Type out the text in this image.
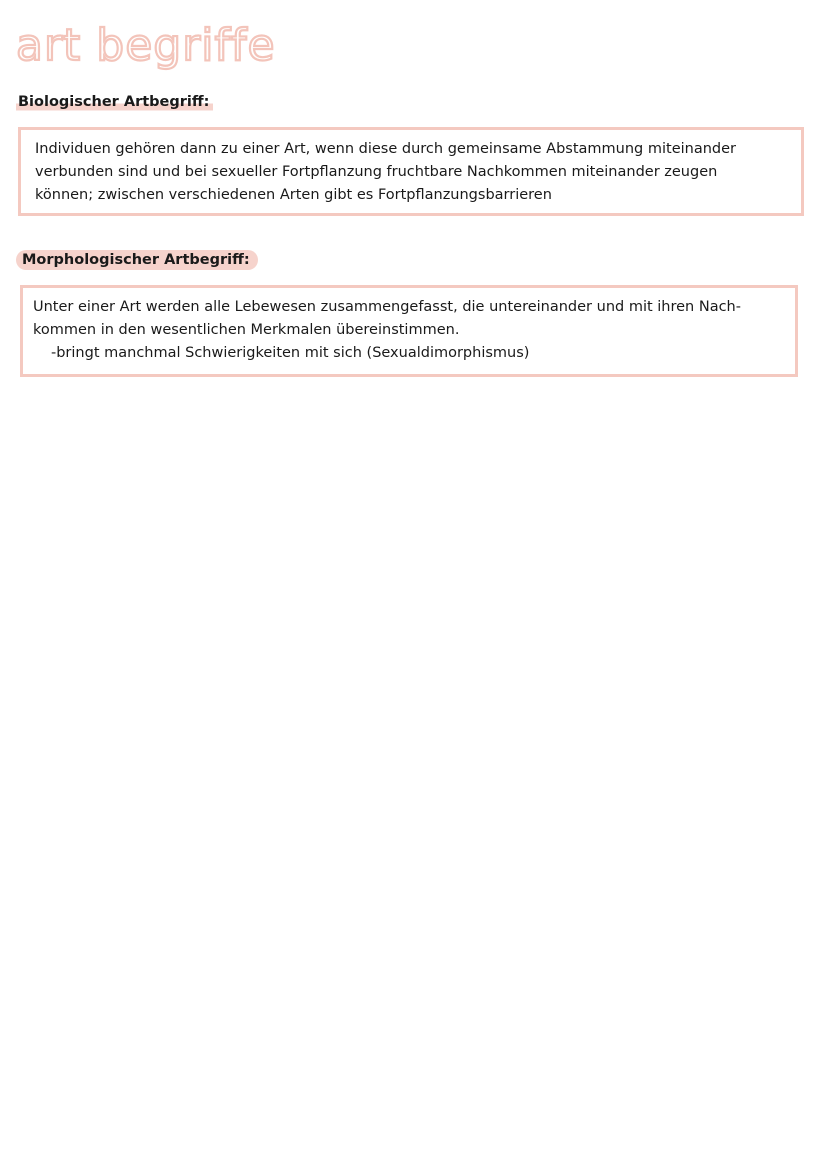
art begriffe
Biologischer Artbegriff:
Individuen gehören dann zu einer Art, wenn diese durch gemeinsame Abstammung miteinander
verbunden sind und bei sexueller Fortpflanzung fruchtbare Nachkommen miteinander zeugen
können; zwischen verschiedenen Arten gibt es Fortpflanzungsbarrieren
Morphologischer Artbegriff:
Unter einer Art werden alle Lebewesen zusammengefasst, die untereinander und mit ihren Nach-
kommen in den wesentlichen Merkmalen übereinstimmen.
-bringt manchmal Schwierigkeiten mit sich (Sexualdimorphismus)
